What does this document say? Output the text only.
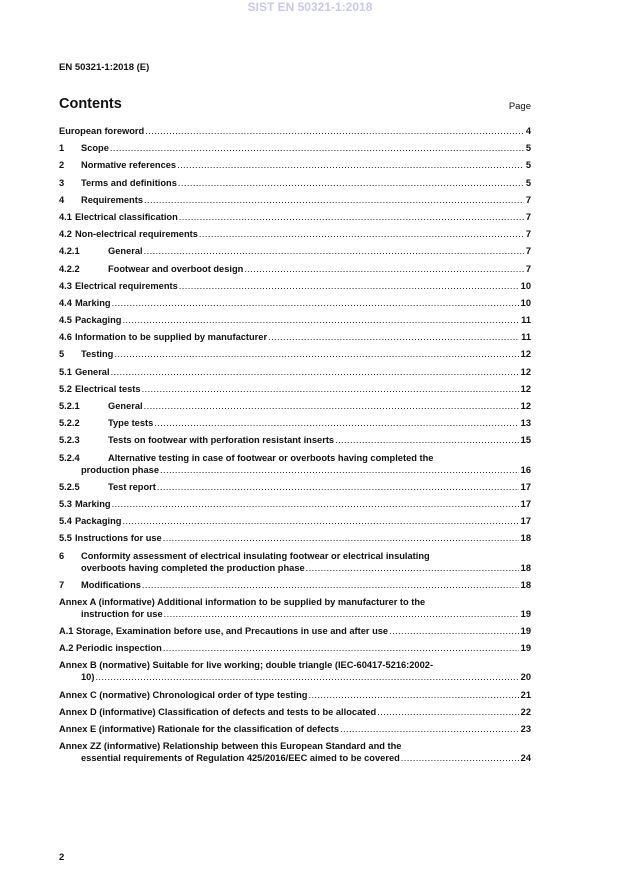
SIST EN 50321-1:2018
EN 50321-1:2018 (E)
Contents	Page
European foreword .....	4
1	Scope .....	5
2	Normative references .....	5
3	Terms and definitions .....	5
4	Requirements .....	7
4.1 Electrical classification .....	7
4.2 Non-electrical requirements .....	7
4.2.1	General .....	7
4.2.2	Footwear and overboot design .....	7
4.3 Electrical requirements .....	10
4.4 Marking .....	10
4.5 Packaging .....	11
4.6 Information to be supplied by manufacturer .....	11
5	Testing .....	12
5.1 General .....	12
5.2 Electrical tests .....	12
5.2.1	General .....	12
5.2.2	Type tests .....	13
5.2.3	Tests on footwear with perforation resistant inserts .....	15
5.2.4	Alternative testing in case of footwear or overboots having completed the
production phase .....	16
5.2.5	Test report .....	17
5.3 Marking .....	17
5.4 Packaging .....	17
5.5 Instructions for use .....	18
6	Conformity assessment of electrical insulating footwear or electrical insulating
overboots having completed the production phase .....	18
7	Modifications .....	18
Annex A (informative) Additional information to be supplied by manufacturer to the
instruction for use .....	19
A.1 Storage, Examination before use, and Precautions in use and after use .....	19
A.2 Periodic inspection .....	19
Annex B (normative) Suitable for live working; double triangle (IEC-60417-5216:2002-
10) .....	20
Annex C (normative) Chronological order of type testing .....	21
Annex D (informative) Classification of defects and tests to be allocated .....	22
Annex E (informative) Rationale for the classification of defects .....	23
Annex ZZ (informative) Relationship between this European Standard and the
essential requirements of Regulation 425/2016/EEC aimed to be covered .....	24
2
